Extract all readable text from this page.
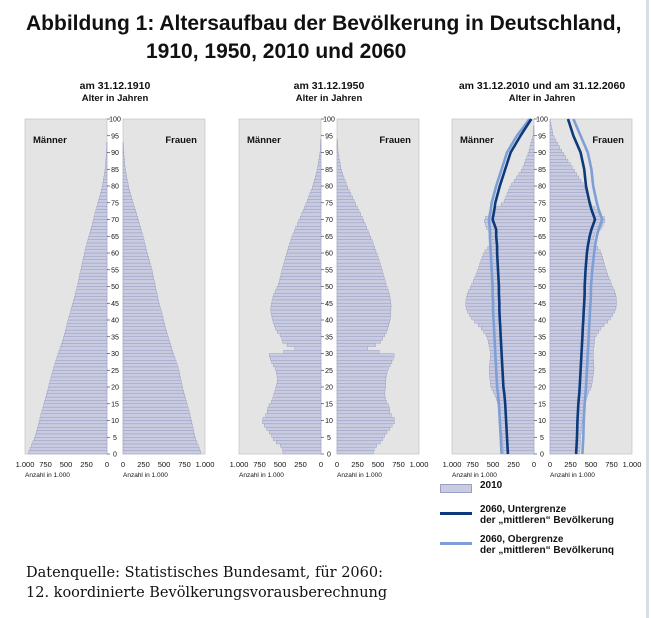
Abbildung 1: Altersaufbau der Bevölkerung in Deutschland,
1910, 1950, 2010 und 2060
am 31.12.1910
Alter in Jahren
Männer	Frauen
0
5
10
15
20
25
30
35
40
45
50
55
60
65
70
75
80
85
90
95
100
1.000 750 500 250 0 0 250 500 750 1.000
Anzahl in 1.000	Anzahl in 1.000
am 31.12.1950
Alter in Jahren
Männer	Frauen
0
5
10
15
20
25
30
35
40
45
50
55
60
65
70
75
80
85
90
95
100
1.000 750 500 250 0 0 250 500 750 1.000
Anzahl in 1.000	Anzahl in 1.000
am 31.12.2010 und am 31.12.2060
Alter in Jahren
Männer	Frauen
0
5
10
15
20
25
30
35
40
45
50
55
60
65
70
75
80
85
90
95
100
1.000 750 500 250 0 0 250 500 750 1.000
Anzahl in 1.000	Anzahl in 1.000
2010
2060, Untergrenze
der „mittleren“ Bevölkerung
2060, Obergrenze
der „mittleren“ Bevölkerunq
Datenquelle: Statistisches Bundesamt, für 2060:
12. koordinierte Bevölkerungsvorausberechnung
